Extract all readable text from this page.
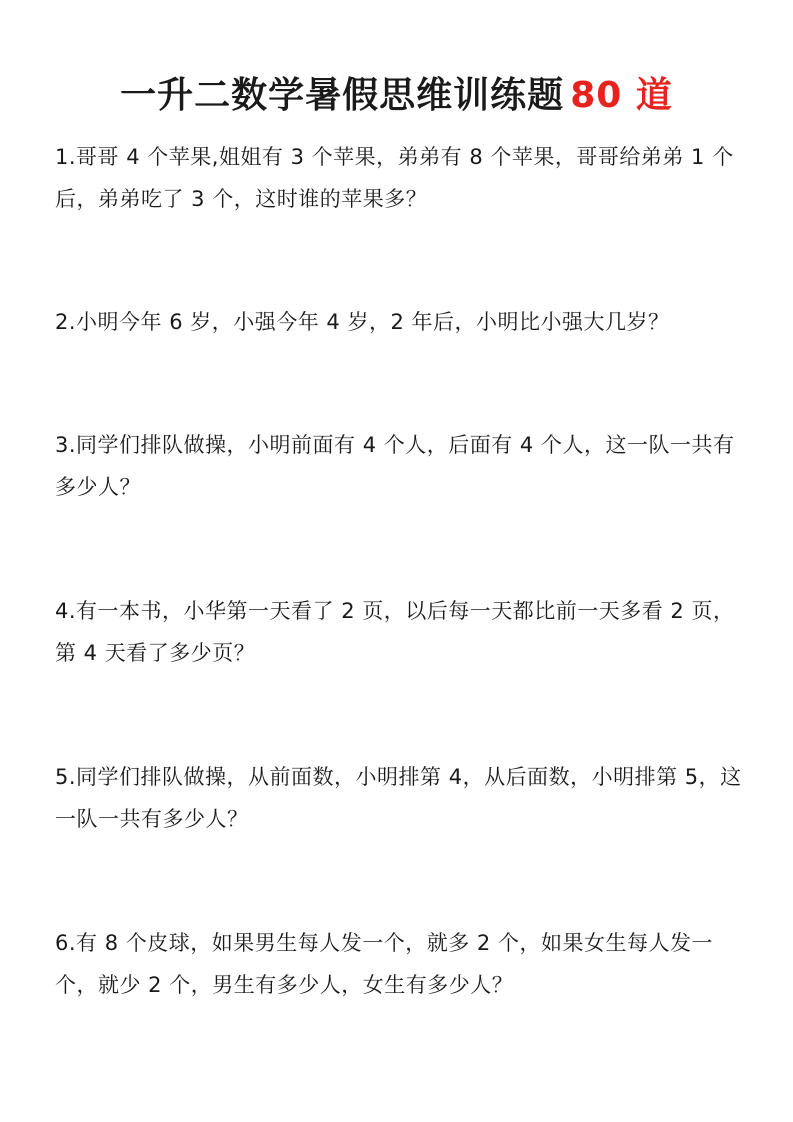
一升二数学暑假思维训练题 80 道

1.哥哥 4 个苹果,姐姐有 3 个苹果，弟弟有 8 个苹果，哥哥给弟弟 1 个后，弟弟吃了 3 个，这时谁的苹果多？

2.小明今年 6 岁，小强今年 4 岁，2 年后，小明比小强大几岁？

3.同学们排队做操，小明前面有 4 个人，后面有 4 个人，这一队一共有多少人？

4.有一本书，小华第一天看了 2 页，以后每一天都比前一天多看 2 页，第 4 天看了多少页？

5.同学们排队做操，从前面数，小明排第 4，从后面数，小明排第 5，这一队一共有多少人？

6.有 8 个皮球，如果男生每人发一个，就多 2 个，如果女生每人发一个，就少 2 个，男生有多少人，女生有多少人？
